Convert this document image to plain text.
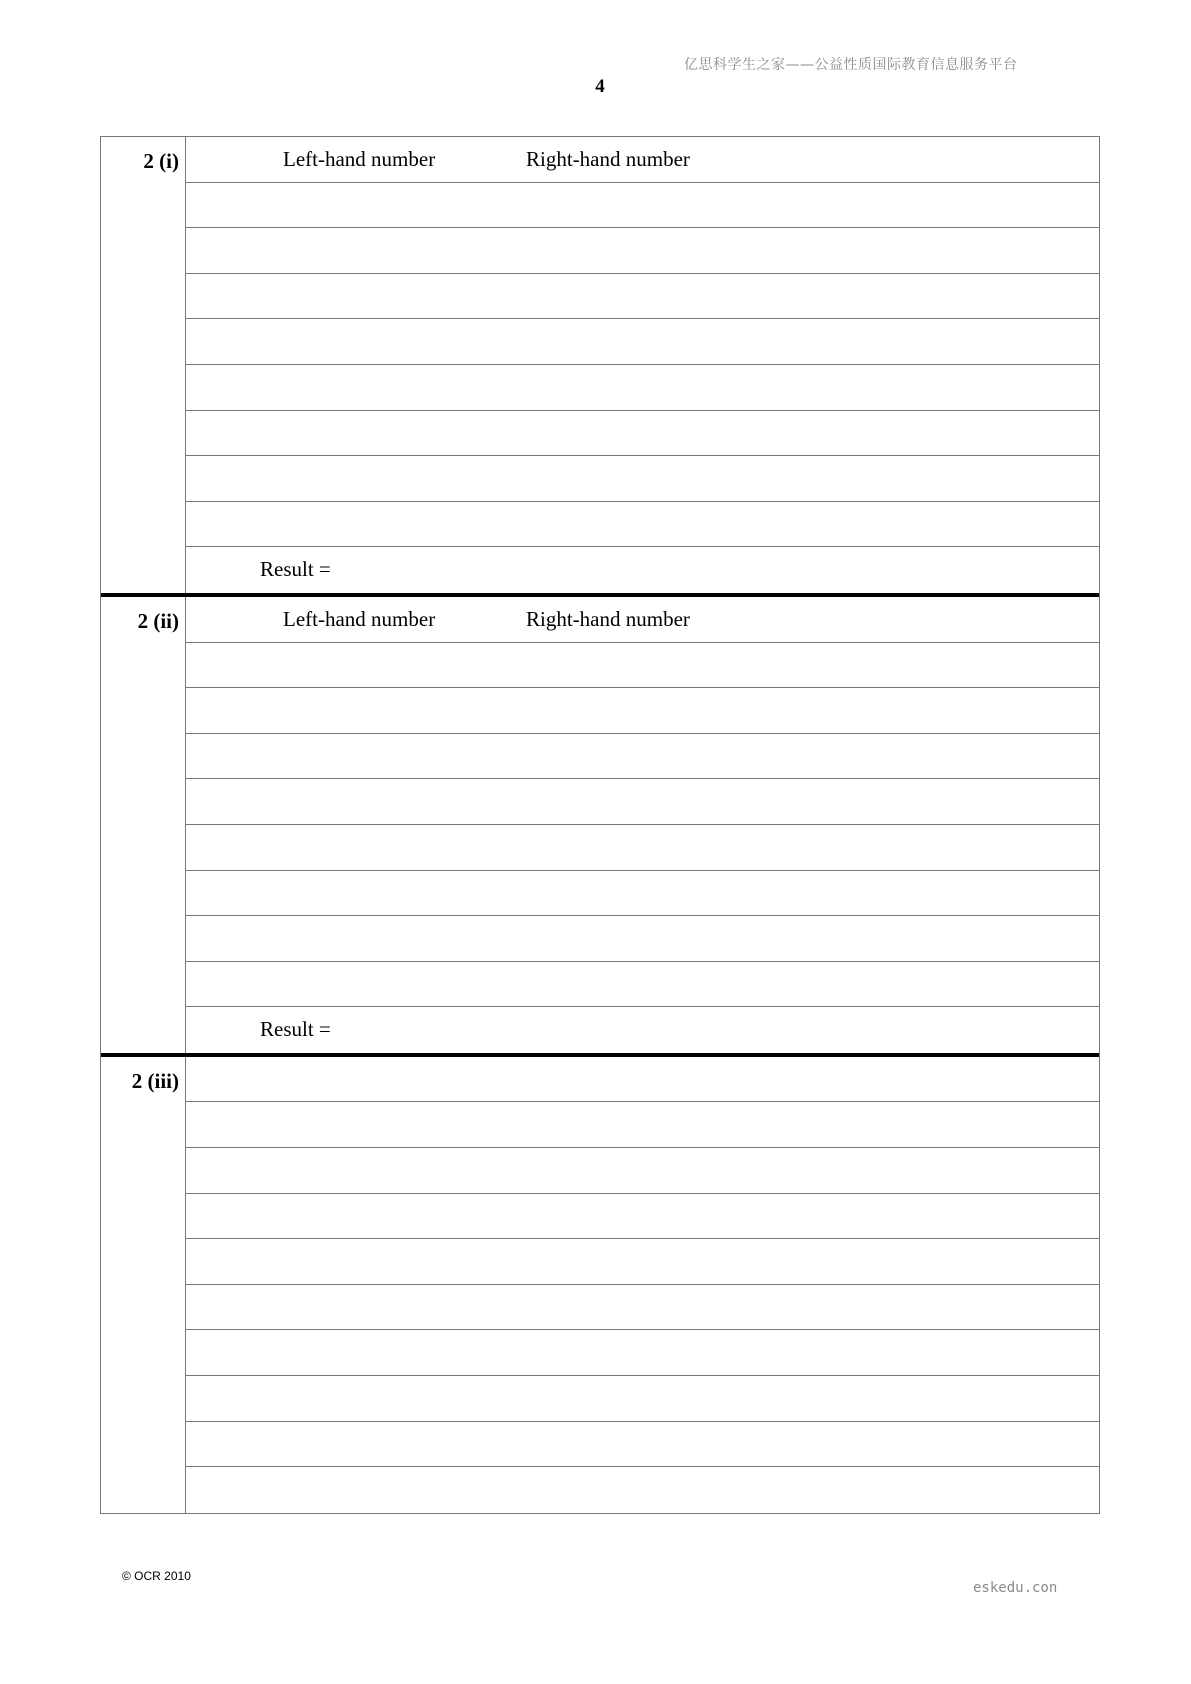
亿思科学生之家——公益性质国际教育信息服务平台
4
2 (i)	Left-hand number	Right-hand number
Result =
2 (ii)	Left-hand number	Right-hand number
Result =
2 (iii)
© OCR 2010
eskedu.con
